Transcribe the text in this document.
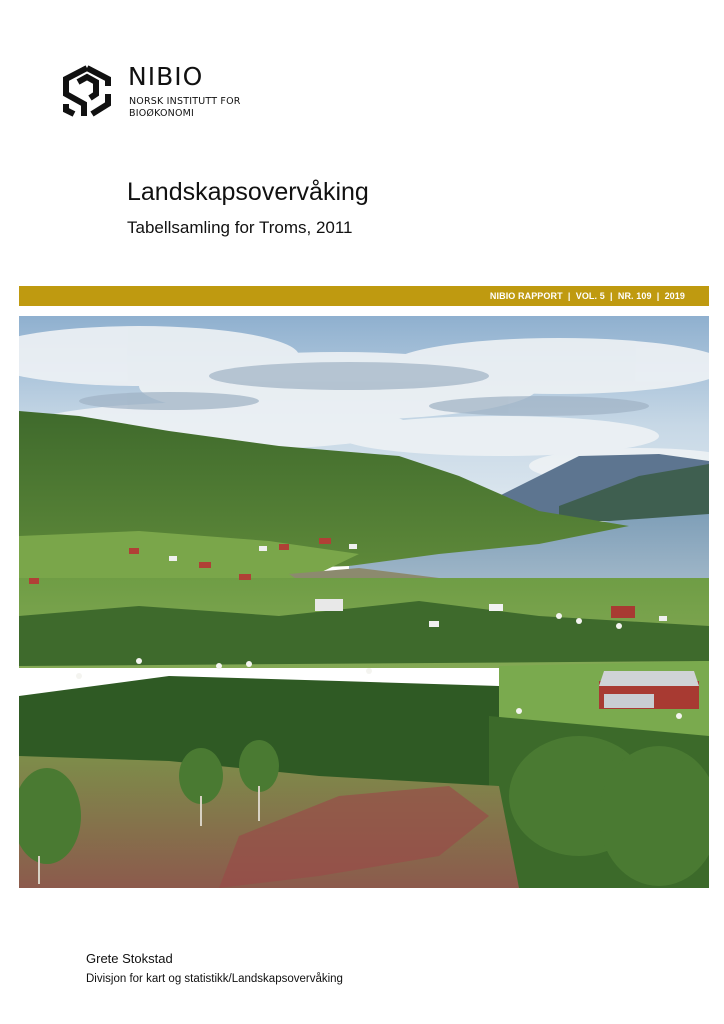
NIBIO
NORSK INSTITUTT FOR
BIOØKONOMI
Landskapsovervåking
Tabellsamling for Troms, 2011
NIBIO RAPPORT  |  VOL. 5  |  NR. 109  |  2019
Grete Stokstad
Divisjon for kart og statistikk/Landskapsovervåking
